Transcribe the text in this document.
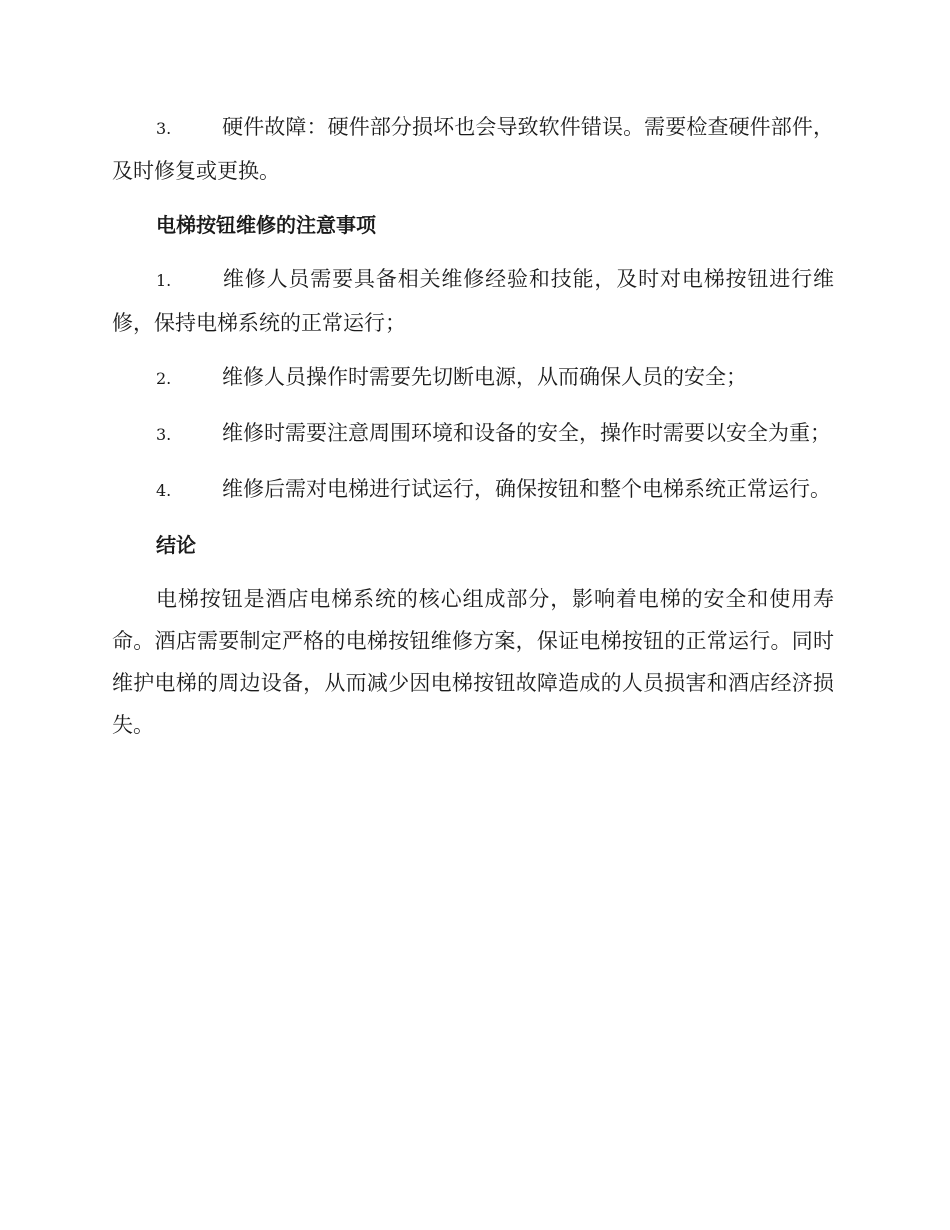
3. 硬件故障：硬件部分损坏也会导致软件错误。需要检查硬件部件，及时修复或更换。

电梯按钮维修的注意事项

1. 维修人员需要具备相关维修经验和技能，及时对电梯按钮进行维修，保持电梯系统的正常运行；

2. 维修人员操作时需要先切断电源，从而确保人员的安全；

3. 维修时需要注意周围环境和设备的安全，操作时需要以安全为重；

4. 维修后需对电梯进行试运行，确保按钮和整个电梯系统正常运行。

结论

电梯按钮是酒店电梯系统的核心组成部分，影响着电梯的安全和使用寿命。酒店需要制定严格的电梯按钮维修方案，保证电梯按钮的正常运行。同时维护电梯的周边设备，从而减少因电梯按钮故障造成的人员损害和酒店经济损失。
